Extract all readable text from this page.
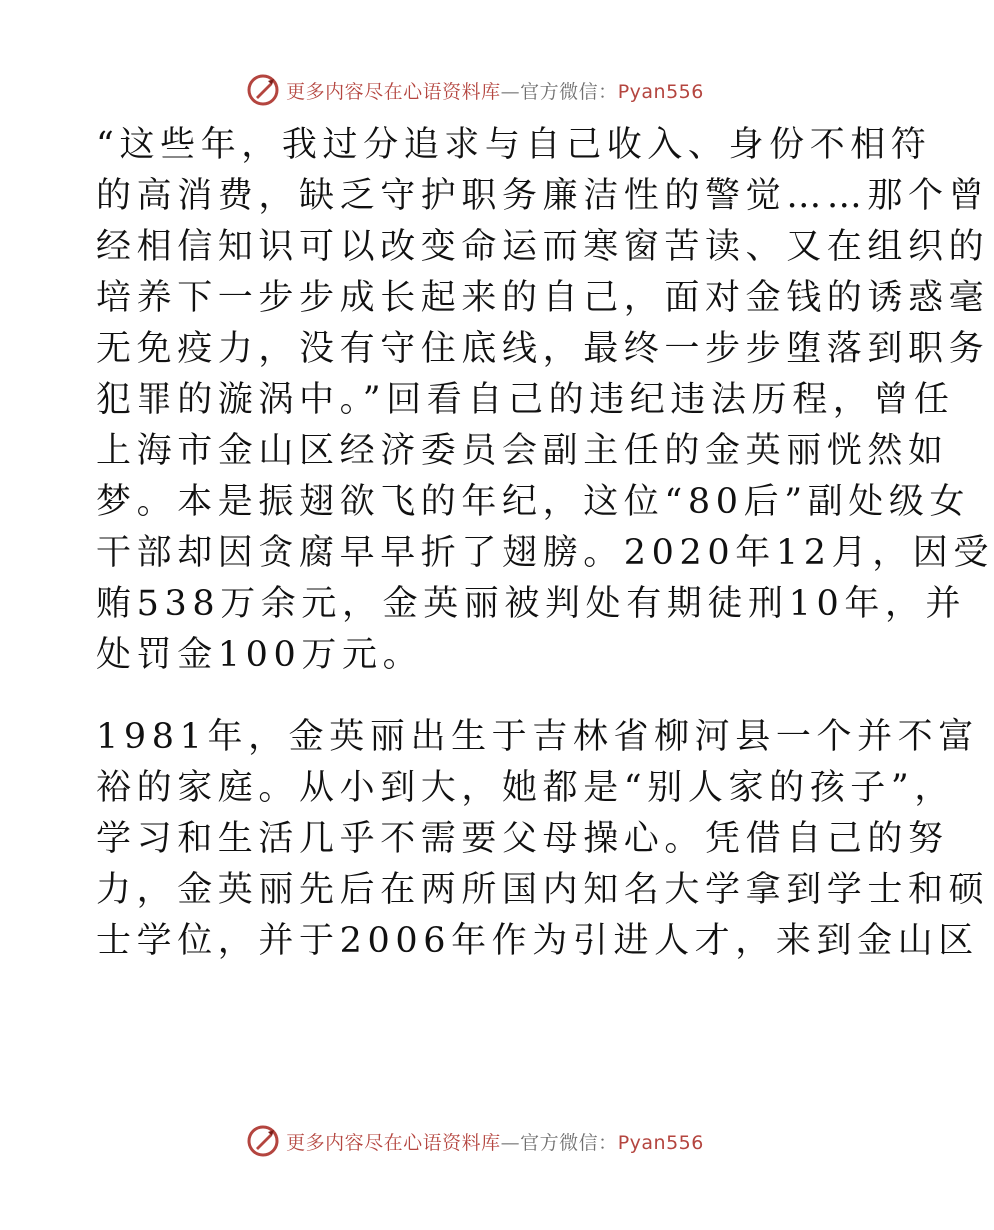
更多内容尽在心语资料库—官方微信：Pyan556
“这些年，我过分追求与自己收入、身份不相符
的高消费，缺乏守护职务廉洁性的警觉……那个曾
经相信知识可以改变命运而寒窗苦读、又在组织的
培养下一步步成长起来的自己，面对金钱的诱惑毫
无免疫力，没有守住底线，最终一步步堕落到职务
犯罪的漩涡中。”回看自己的违纪违法历程，曾任
上海市金山区经济委员会副主任的金英丽恍然如
梦。本是振翅欲飞的年纪，这位“80后”副处级女
干部却因贪腐早早折了翅膀。2020年12月，因受
贿538万余元，金英丽被判处有期徒刑10年，并
处罚金100万元。
1981年，金英丽出生于吉林省柳河县一个并不富
裕的家庭。从小到大，她都是“别人家的孩子”，
学习和生活几乎不需要父母操心。凭借自己的努
力，金英丽先后在两所国内知名大学拿到学士和硕
士学位，并于2006年作为引进人才，来到金山区
更多内容尽在心语资料库—官方微信：Pyan556
